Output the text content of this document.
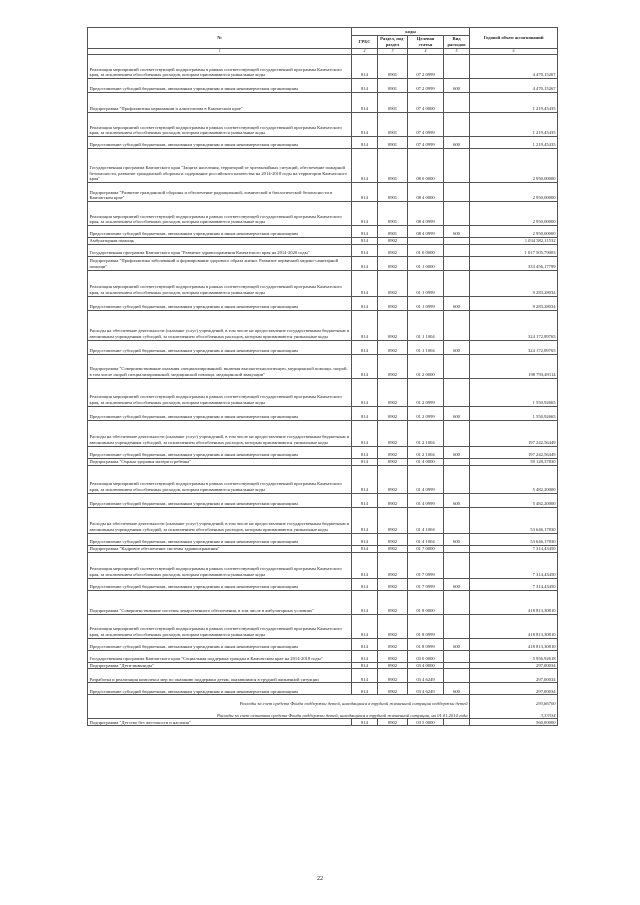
№	коды				Годовой объем ассигнований
	ГРБС	Раздел, под-раздел	Целевая статья	Вид расходов	
1	2	3	4	5	6
Реализация мероприятий соответствующей подпрограммы в рамках соответствующей государственной программы Камчатского края, за исключением обособленных расходов, которым присваиваются уникальные коды	814	0901	07 2 0999		4 470,15267
Предоставление субсидий бюджетным, автономным учреждениям и иным некоммерческим организациям	814	0901	07 2 0999	600	4 470,15267
Подпрограмма "Профилактика наркомании и алкоголизма в Камчатском крае"	814	0901	07 4 0000		1 219,45435
Реализация мероприятий соответствующей подпрограммы в рамках соответствующей государственной программы Камчатского края, за исключением обособленных расходов, которым присваиваются уникальные коды	814	0901	07 4 0999		1 219,45435
Предоставление субсидий бюджетным, автономным учреждениям и иным некоммерческим организациям	814	0901	07 4 0999	600	1 219,45435
Государственная программа Камчатского края "Защита населения, территорий от чрезвычайных ситуаций, обеспечение пожарной безопасности, развитие гражданской обороны и содержание российского казачества на 2014-2018 годы на территории Камчатского края"	814	0901	08 0 0000		2 950,00000
Подпрограмма "Развитие гражданской обороны и обеспечение радиационной, химической и биологической безопасности в Камчатском крае"	814	0901	08 4 0000		2 950,00000
Реализация мероприятий соответствующей подпрограммы в рамках соответствующей государственной программы Камчатского края, за исключением обособленных расходов, которым присваиваются уникальные коды	814	0901	08 4 0999		2 950,00000
Предоставление субсидий бюджетным, автономным учреждениям и иным некоммерческим организациям	814	0901	08 4 0999	600	2 950,00000
Амбулаторная помощь	814	0902			1 034 582,11532
Государственная программа Камчатского края "Развитие здравоохранения Камчатского края на 2014-2020 годы"	814	0902	01 0 0000		1 017 505,79003
Подпрограмма "Профилактика заболеваний и формирование здорового образа жизни. Развитие первичной медико-санитарной помощи"	814	0902	01 1 0000		333 456,17799
Реализация мероприятий соответствующей подпрограммы в рамках соответствующей государственной программы Камчатского края, за исключением обособленных расходов, которым присваиваются уникальные коды	814	0902	01 1 0999		9 283,28034
Предоставление субсидий бюджетным, автономным учреждениям и иным некоммерческим организациям	814	0902	01 1 0999	600	9 283,28034
Расходы на обеспечение деятельности (оказание услуг) учреждений, в том числе на предоставление государственным бюджетным и автономным учреждениям субсидий, за исключением обособленных расходов, которым присваиваются уникальные коды	814	0902	01 1 1004		324 172,89765
Предоставление субсидий бюджетным, автономным учреждениям и иным некоммерческим организациям	814	0902	01 1 1004	600	324 172,89765
Подпрограмма "Совершенствование оказания специализированной, включая высокотехнологичную, медицинской помощи, скорой, в том числе скорой специализированной, медицинской помощи, медицинской эвакуации"	814	0902	01 2 0000		198 793,49114
Реализация мероприятий соответствующей подпрограммы в рамках соответствующей государственной программы Камчатского края, за исключением обособленных расходов, которым присваиваются уникальные коды	814	0902	01 2 0999		1 550,92665
Предоставление субсидий бюджетным, автономным учреждениям и иным некоммерческим организациям	814	0902	01 2 0999	600	1 550,92665
Расходы на обеспечение деятельности (оказание услуг) учреждений, в том числе на предоставление государственным бюджетным и автономным учреждениям субсидий, за исключением обособленных расходов, которым присваиваются уникальные коды	814	0902	01 2 1004		197 242,56449
Предоставление субсидий бюджетным, автономным учреждениям и иным некоммерческим организациям	814	0902	01 2 1004	600	197 242,56449
Подпрограмма "Охрана здоровья матери и ребенка"	814	0902	01 4 0000		59 128,37830
Реализация мероприятий соответствующей подпрограммы в рамках соответствующей государственной программы Камчатского края, за исключением обособленных расходов, которым присваиваются уникальные коды	814	0902	01 4 0999		5 482,20000
Предоставление субсидий бюджетным, автономным учреждениям и иным некоммерческим организациям	814	0902	01 4 0999	600	5 482,20000
Расходы на обеспечение деятельности (оказание услуг) учреждений, в том числе на предоставление государственным бюджетным и автономным учреждениям субсидий, за исключением обособленных расходов, которым присваиваются уникальные коды	814	0902	01 4 1004		53 646,17830
Предоставление субсидий бюджетным, автономным учреждениям и иным некоммерческим организациям	814	0902	01 4 1004	600	53 646,17830
Подпрограмма "Кадровое обеспечение системы здравоохранения"	814	0902	01 7 0000		7 314,43450
Реализация мероприятий соответствующей подпрограммы в рамках соответствующей государственной программы Камчатского края, за исключением обособленных расходов, которым присваиваются уникальные коды	814	0902	01 7 0999		7 314,43450
Предоставление субсидий бюджетным, автономным учреждениям и иным некоммерческим организациям	814	0902	01 7 0999	600	7 314,43450
Подпрограмма "Совершенствование системы лекарственного обеспечения, в том числе в амбулаторных условиях"	814	0902	01 8 0000		418 813,30810
Реализация мероприятий соответствующей подпрограммы в рамках соответствующей государственной программы Камчатского края, за исключением обособленных расходов, которым присваиваются уникальные коды	814	0902	01 8 0999		418 813,30810
Предоставление субсидий бюджетным, автономным учреждениям и иным некоммерческим организациям	814	0902	01 8 0999	600	418 813,30810
Государственная программа Камчатского края "Социальная поддержка граждан в Камчатском крае на 2014-2018 годы"	814	0902	03 0 0000		5 956,92618
Подпрограмма "Дети-инвалиды"	814	0902	03 4 0000		297,00034
Разработка и реализация комплекса мер по оказанию поддержки детям, оказавшимся в трудной жизненной ситуации	814	0902	03 4 6249		297,00034
Предоставление субсидий бюджетным, автономным учреждениям и иным некоммерческим организациям	814	0902	03 4 6249	600	297,00034
Расходы за счет средств Фонда поддержки детей, находящихся в трудной жизненной ситуации поддержки детей					293,66700
Расходы за счет остатков средств Фонда поддержки детей, находящихся в трудной жизненной ситуации, на 01.01.2014 года					3,33334
Подпрограмма "Детство без жестокости и насилия"	814	0902	03 5 0000		560,00000
22
